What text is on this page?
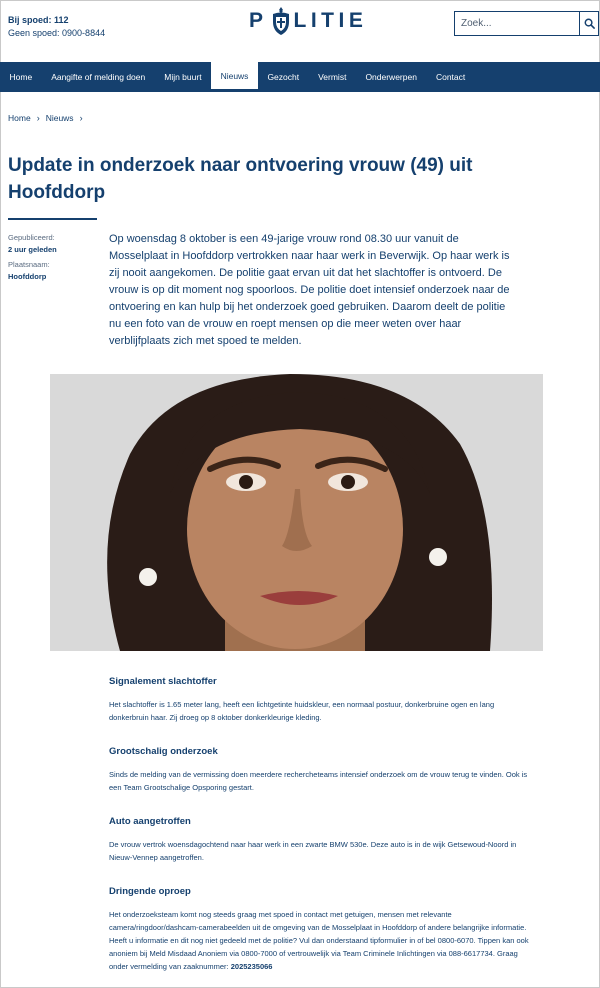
Bij spoed: 112
Geen spoed: 0900-8844
P LITIE
Zoek...
Home	Aangifte of melding doen	Mijn buurt	Nieuws	Gezocht	Vermist	Onderwerpen	Contact
Home › Nieuws ›
Update in onderzoek naar ontvoering vrouw (49) uit Hoofddorp
Gepubliceerd:
2 uur geleden
Plaatsnaam:
Hoofddorp

Op woensdag 8 oktober is een 49-jarige vrouw rond 08.30 uur vanuit de Mosselplaat in Hoofddorp vertrokken naar haar werk in Beverwijk. Op haar werk is zij nooit aangekomen. De politie gaat ervan uit dat het slachtoffer is ontvoerd. De vrouw is op dit moment nog spoorloos. De politie doet intensief onderzoek naar de ontvoering en kan hulp bij het onderzoek goed gebruiken. Daarom deelt de politie nu een foto van de vrouw en roept mensen op die meer weten over haar verblijfplaats zich met spoed te melden.

Signalement slachtoffer

Het slachtoffer is 1.65 meter lang, heeft een lichtgetinte huidskleur, een normaal postuur, donkerbruine ogen en lang donkerbruin haar. Zij droeg op 8 oktober donkerkleurige kleding.

Grootschalig onderzoek

Sinds de melding van de vermissing doen meerdere rechercheteams intensief onderzoek om de vrouw terug te vinden. Ook is een Team Grootschalige Opsporing gestart.

Auto aangetroffen

De vrouw vertrok woensdagochtend naar haar werk in een zwarte BMW 530e. Deze auto is in de wijk Getsewoud-Noord in Nieuw-Vennep aangetroffen.

Dringende oproep

Het onderzoeksteam komt nog steeds graag met spoed in contact met getuigen, mensen met relevante camera/ringdoor/dashcam-camerabeelden uit de omgeving van de Mosselplaat in Hoofddorp of andere belangrijke informatie. Heeft u informatie en dit nog niet gedeeld met de politie? Vul dan onderstaand tipformulier in of bel 0800-6070. Tippen kan ook anoniem bij Meld Misdaad Anoniem via 0800-7000 of vertrouwelijk via Team Criminele Inlichtingen via 088-6617734. Graag onder vermelding van zaaknummer: 2025235066
